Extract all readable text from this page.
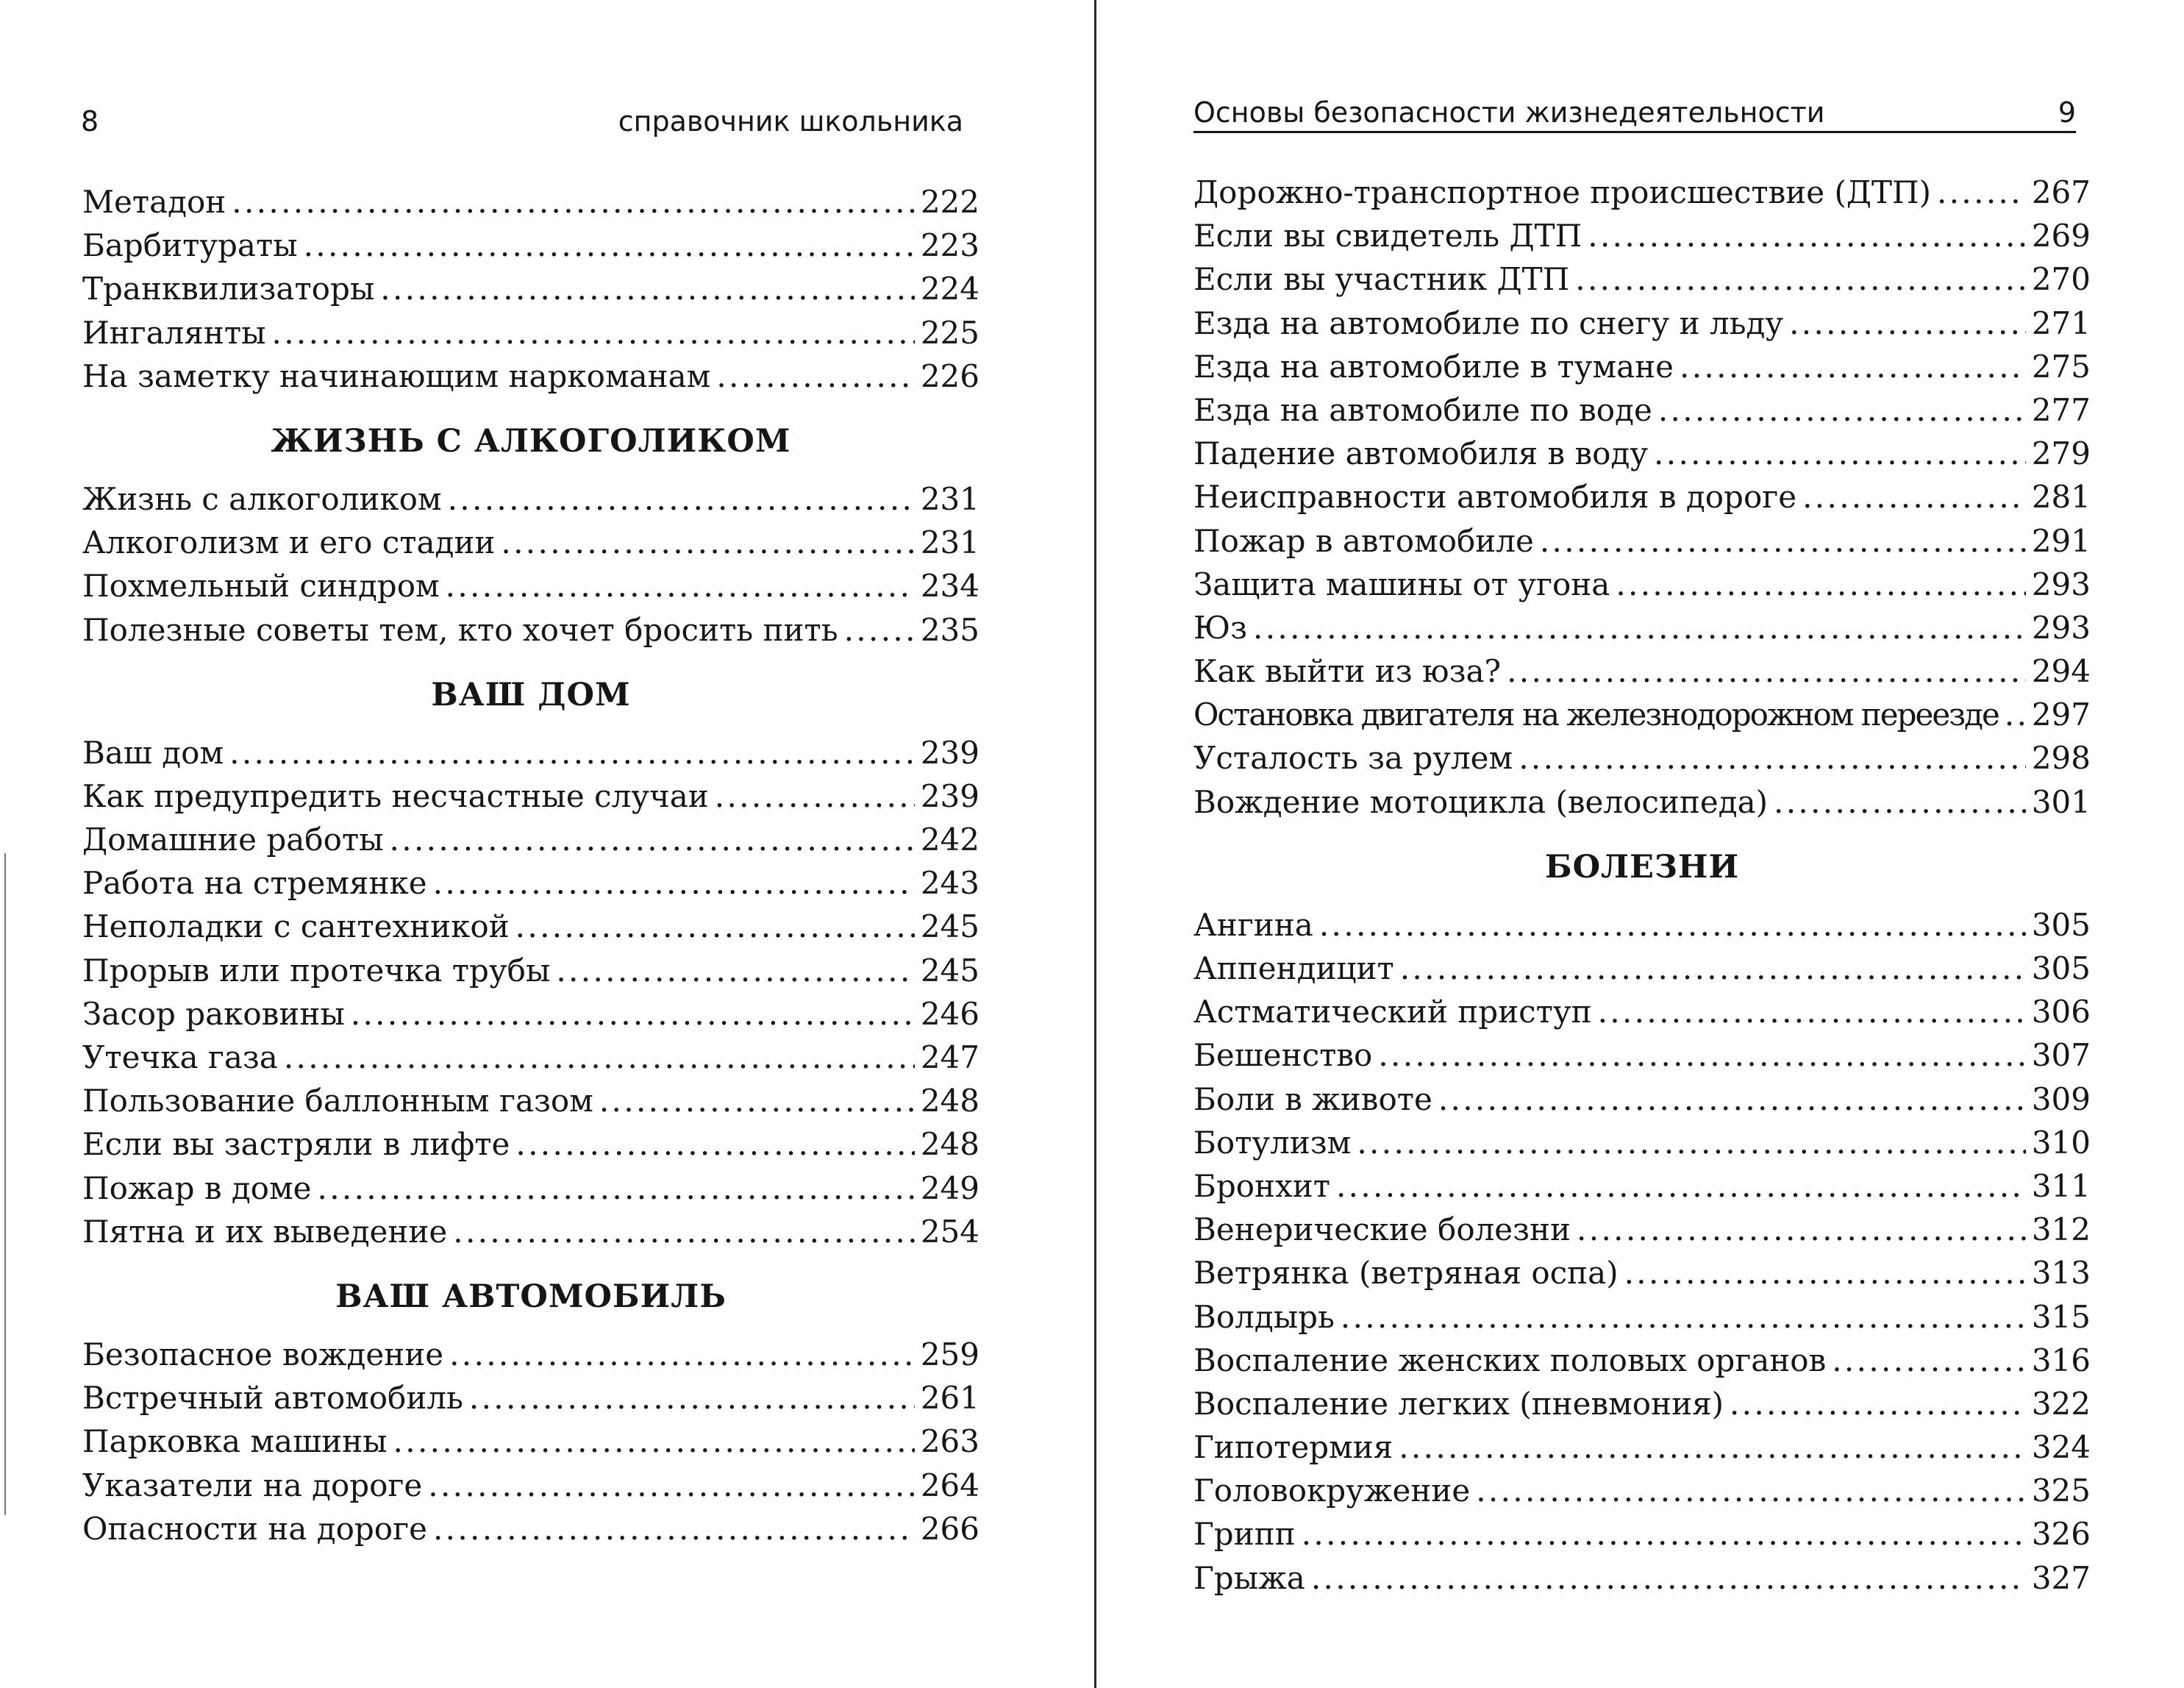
8	справочник школьника
Метадон . . .	222
Барбитураты . . .	223
Транквилизаторы . . .	224
Ингалянты . . .	225
На заметку начинающим наркоманам . . .	226
ЖИЗНЬ С АЛКОГОЛИКОМ
Жизнь с алкоголиком . . .	231
Алкоголизм и его стадии . . .	231
Похмельный синдром . . .	234
Полезные советы тем, кто хочет бросить пить . . .	235
ВАШ ДОМ
Ваш дом . . .	239
Как предупредить несчастные случаи . . .	239
Домашние работы . . .	242
Работа на стремянке . . .	243
Неполадки с сантехникой . . .	245
Прорыв или протечка трубы . . .	245
Засор раковины . . .	246
Утечка газа . . .	247
Пользование баллонным газом . . .	248
Если вы застряли в лифте . . .	248
Пожар в доме . . .	249
Пятна и их выведение . . .	254
ВАШ АВТОМОБИЛЬ
Безопасное вождение . . .	259
Встречный автомобиль . . .	261
Парковка машины . . .	263
Указатели на дороге . . .	264
Опасности на дороге . . .	266
Основы безопасности жизнедеятельности	9
Дорожно-транспортное происшествие (ДТП) . . .	267
Если вы свидетель ДТП . . .	269
Если вы участник ДТП . . .	270
Езда на автомобиле по снегу и льду . . .	271
Езда на автомобиле в тумане . . .	275
Езда на автомобиле по воде . . .	277
Падение автомобиля в воду . . .	279
Неисправности автомобиля в дороге . . .	281
Пожар в автомобиле . . .	291
Защита машины от угона . . .	293
Юз . . .	293
Как выйти из юза? . . .	294
Остановка двигателя на железнодорожном переезде . . . 297
Усталость за рулем . . .	298
Вождение мотоцикла (велосипеда) . . .	301
БОЛЕЗНИ
Ангина . . .	305
Аппендицит . . .	305
Астматический приступ . . .	306
Бешенство . . .	307
Боли в животе . . .	309
Ботулизм . . .	310
Бронхит . . .	311
Венерические болезни . . .	312
Ветрянка (ветряная оспа) . . .	313
Волдырь . . .	315
Воспаление женских половых органов . . .	316
Воспаление легких (пневмония) . . .	322
Гипотермия . . .	324
Головокружение . . .	325
Грипп . . .	326
Грыжа . . .	327
